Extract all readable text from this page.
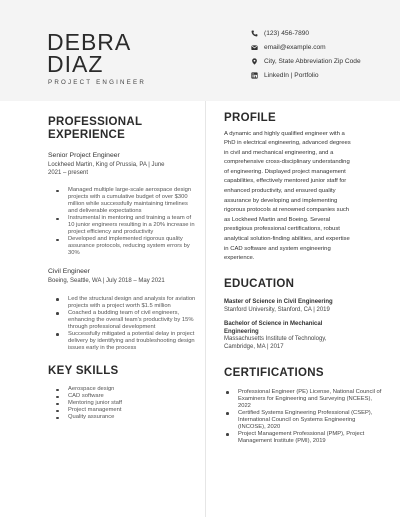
DEBRA
DIAZ
PROJECT ENGINEER
(123) 456-7890
email@example.com
City, State Abbreviation Zip Code
LinkedIn | Portfolio
PROFESSIONAL
EXPERIENCE
Senior Project Engineer
Lockheed Martin, King of Prussia, PA | June
2021 – present
Managed multiple large-scale aerospace design projects with a cumulative budget of over $300 million while successfully maintaining timelines and deliverable expectations
Instrumental in mentoring and training a team of 10 junior engineers resulting in a 20% increase in project efficiency and productivity
Developed and implemented rigorous quality assurance protocols, reducing system errors by 30%
Civil Engineer
Boeing, Seattle, WA | July 2018 – May 2021
Led the structural design and analysis for aviation projects with a project worth $1.5 million
Coached a budding team of civil engineers, enhancing the overall team's productivity by 15% through professional development
Successfully mitigated a potential delay in project delivery by identifying and troubleshooting design issues early in the process
KEY SKILLS
Aerospace design
CAD software
Mentoring junior staff
Project management
Quality assurance
PROFILE

A dynamic and highly qualified engineer with a
PhD in electrical engineering, advanced degrees
in civil and mechanical engineering, and a
comprehensive cross-disciplinary understanding
of engineering. Displayed project management
capabilities, effectively mentored junior staff for
enhanced productivity, and ensured quality
assurance by developing and implementing
rigorous protocols at renowned companies such
as Lockheed Martin and Boeing. Several
prestigious professional certifications, robust
analytical solution-finding abilities, and expertise
in CAD software and system engineering
experience.

EDUCATION
Master of Science in Civil Engineering
Stanford University, Stanford, CA | 2019
Bachelor of Science in Mechanical
Engineering
Massachusetts Institute of Technology,
Cambridge, MA | 2017
CERTIFICATIONS
Professional Engineer (PE) License, National Council of Examiners for Engineering and Surveying (NCEES), 2022
Certified Systems Engineering Professional (CSEP), International Council on Systems Engineering (INCOSE), 2020
Project Management Professional (PMP), Project Management Institute (PMI), 2019
